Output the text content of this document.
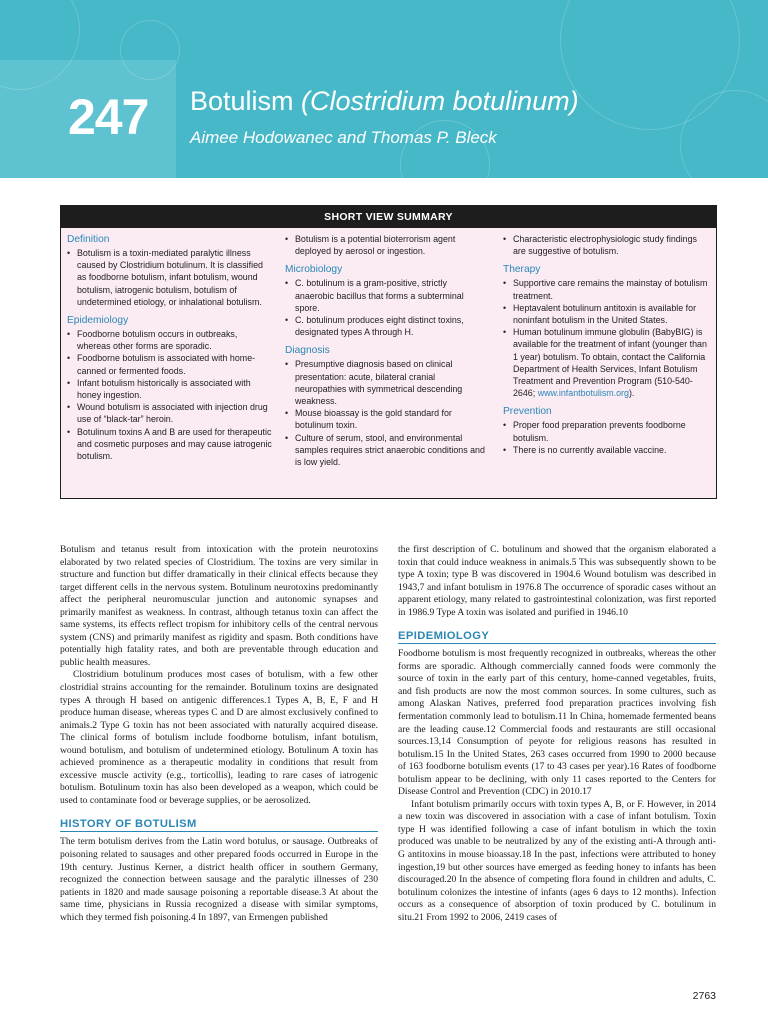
247 Botulism (Clostridium botulinum)
Aimee Hodowanec and Thomas P. Bleck
SHORT VIEW SUMMARY
Definition
• Botulism is a toxin-mediated paralytic illness caused by Clostridium botulinum. It is classified as foodborne botulism, infant botulism, wound botulism, iatrogenic botulism, botulism of undetermined etiology, or inhalational botulism.
Epidemiology
• Foodborne botulism occurs in outbreaks, whereas other forms are sporadic.
• Foodborne botulism is associated with home-canned or fermented foods.
• Infant botulism historically is associated with honey ingestion.
• Wound botulism is associated with injection drug use of “black-tar” heroin.
• Botulinum toxins A and B are used for therapeutic and cosmetic purposes and may cause iatrogenic botulism.
• Botulism is a potential bioterrorism agent deployed by aerosol or ingestion.
Microbiology
• C. botulinum is a gram-positive, strictly anaerobic bacillus that forms a subterminal spore.
• C. botulinum produces eight distinct toxins, designated types A through H.
Diagnosis
• Presumptive diagnosis based on clinical presentation: acute, bilateral cranial neuropathies with symmetrical descending weakness.
• Mouse bioassay is the gold standard for botulinum toxin.
• Culture of serum, stool, and environmental samples requires strict anaerobic conditions and is low yield.
• Characteristic electrophysiologic study findings are suggestive of botulism.
Therapy
• Supportive care remains the mainstay of botulism treatment.
• Heptavalent botulinum antitoxin is available for noninfant botulism in the United States.
• Human botulinum immune globulin (BabyBIG) is available for the treatment of infant (younger than 1 year) botulism. To obtain, contact the California Department of Health Services, Infant Botulism Treatment and Prevention Program (510-540-2646; www.infantbotulism.org).
Prevention
• Proper food preparation prevents foodborne botulism.
• There is no currently available vaccine.

Botulism and tetanus result from intoxication with the protein neurotoxins elaborated by two related species of Clostridium. The toxins are very similar in structure and function but differ dramatically in their clinical effects because they target different cells in the nervous system. Botulinum neurotoxins predominantly affect the peripheral neuromuscular junction and autonomic synapses and primarily manifest as weakness. In contrast, although tetanus toxin can affect the same systems, its effects reflect tropism for inhibitory cells of the central nervous system (CNS) and primarily manifest as rigidity and spasm. Both conditions have potentially high fatality rates, and both are preventable through education and public health measures.

Clostridium botulinum produces most cases of botulism, with a few other clostridial strains accounting for the remainder. Botulinum toxins are designated types A through H based on antigenic differences.1 Types A, B, E, F and H produce human disease, whereas types C and D are almost exclusively confined to animals.2 Type G toxin has not been associated with naturally acquired disease. The clinical forms of botulism include foodborne botulism, infant botulism, wound botulism, and botulism of undetermined etiology. Botulinum A toxin has achieved prominence as a therapeutic modality in conditions that result from excessive muscle activity (e.g., torticollis), leading to rare cases of iatrogenic botulism. Botulinum toxin has also been developed as a weapon, which could be used to contaminate food or beverage supplies, or be aerosolized.

HISTORY OF BOTULISM

The term botulism derives from the Latin word botulus, or sausage. Outbreaks of poisoning related to sausages and other prepared foods occurred in Europe in the 19th century. Justinus Kerner, a district health officer in southern Germany, recognized the connection between sausage and the paralytic illnesses of 230 patients in 1820 and made sausage poisoning a reportable disease.3 At about the same time, physicians in Russia recognized a disease with similar symptoms, which they termed fish poisoning.4 In 1897, van Ermengen published

the first description of C. botulinum and showed that the organism elaborated a toxin that could induce weakness in animals.5 This was subsequently shown to be type A toxin; type B was discovered in 1904.6 Wound botulism was described in 1943,7 and infant botulism in 1976.8 The occurrence of sporadic cases without an apparent etiology, many related to gastrointestinal colonization, was first reported in 1986.9 Type A toxin was isolated and purified in 1946.10

EPIDEMIOLOGY

Foodborne botulism is most frequently recognized in outbreaks, whereas the other forms are sporadic. Although commercially canned foods were commonly the source of toxin in the early part of this century, home-canned vegetables, fruits, and fish products are now the most common sources. In some cultures, such as among Alaskan Natives, preferred food preparation practices involving fish fermentation commonly lead to botulism.11 In China, homemade fermented beans are the leading cause.12 Commercial foods and restaurants are still occasional sources.13,14 Consumption of peyote for religious reasons has resulted in botulism.15 In the United States, 263 cases occurred from 1990 to 2000 because of 163 foodborne botulism events (17 to 43 cases per year).16 Rates of foodborne botulism appear to be declining, with only 11 cases reported to the Centers for Disease Control and Prevention (CDC) in 2010.17

Infant botulism primarily occurs with toxin types A, B, or F. However, in 2014 a new toxin was discovered in association with a case of infant botulism. Toxin type H was identified following a case of infant botulism in which the toxin produced was unable to be neutralized by any of the existing anti-A through anti-G antitoxins in mouse bioassay.18 In the past, infections were attributed to honey ingestion,19 but other sources have emerged as feeding honey to infants has been discouraged.20 In the absence of competing flora found in children and adults, C. botulinum colonizes the intestine of infants (ages 6 days to 12 months). Infection occurs as a consequence of absorption of toxin produced by C. botulinum in situ.21 From 1992 to 2006, 2419 cases of

2763
